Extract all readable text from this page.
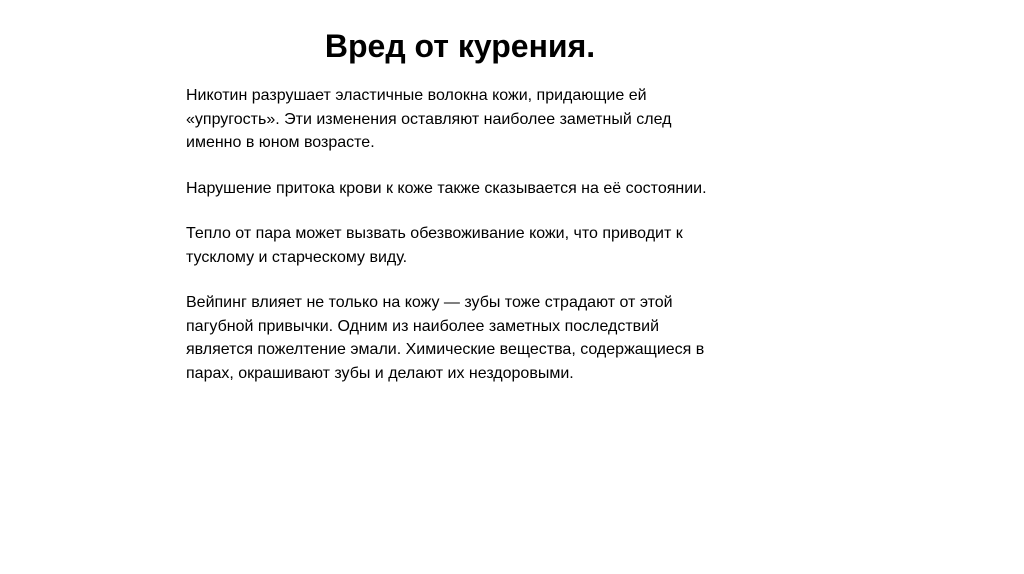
Вред от курения.

Никотин разрушает эластичные волокна кожи, придающие ей
«упругость». Эти изменения оставляют наиболее заметный след
именно в юном возрасте.

Нарушение притока крови к коже также сказывается на её состоянии.

Тепло от пара может вызвать обезвоживание кожи, что приводит к
тусклому и старческому виду.

Вейпинг влияет не только на кожу — зубы тоже страдают от этой
пагубной привычки. Одним из наиболее заметных последствий
является пожелтение эмали. Химические вещества, содержащиеся в
парах, окрашивают зубы и делают их нездоровыми.
